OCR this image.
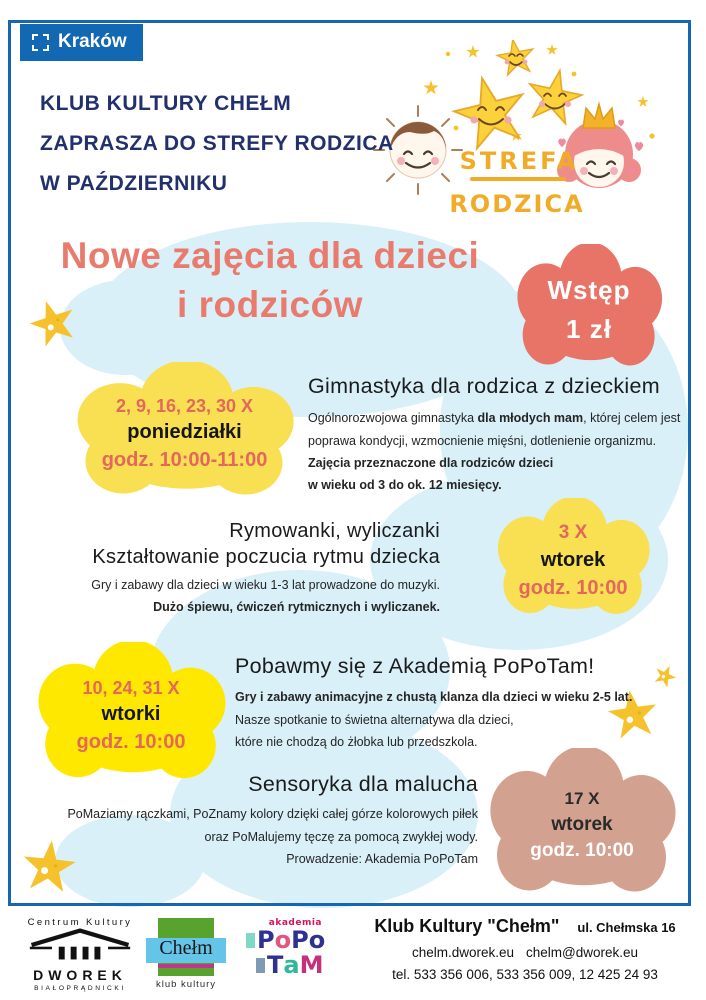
Kraków
KLUB KULTURY CHEŁM
ZAPRASZA DO STREFY RODZICA
W PAŹDZIERNIKU
STREFA
RODZICA
Nowe zajęcia dla dzieci
i rodziców	Wstęp
1 zł
2, 9, 16, 23, 30 X
poniedziałki
godz. 10:00-11:00
Gimnastyka dla rodzica z dzieckiem
Ogólnorozwojowa gimnastyka dla młodych mam, której celem jest
poprawa kondycji, wzmocnienie mięśni, dotlenienie organizmu.
Zajęcia przeznaczone dla rodziców dzieci
w wieku od 3 do ok. 12 miesięcy.
Rymowanki, wyliczanki
Kształtowanie poczucia rytmu dziecka
Gry i zabawy dla dzieci w wieku 1-3 lat prowadzone do muzyki.
Dużo śpiewu, ćwiczeń rytmicznych i wyliczanek.
3 X
wtorek
godz. 10:00
10, 24, 31 X
wtorki
godz. 10:00
Pobawmy się z Akademią PoPoTam!
Gry i zabawy animacyjne z chustą klanza dla dzieci w wieku 2-5 lat.
Nasze spotkanie to świetna alternatywa dla dzieci,
które nie chodzą do żłobka lub przedszkola.
Sensoryka dla malucha
PoMaziamy rączkami, PoZnamy kolory dzięki całej górze kolorowych piłek
oraz PoMalujemy tęczę za pomocą zwykłej wody.
Prowadzenie: Akademia PoPoTam
17 X
wtorek
godz. 10:00
Centrum Kultury
DWOREK
BIAŁOPRĄDNICKI
Chełm
klub kultury
akademia
P o P o
T a M
Klub Kultury "Chełm" ul. Chełmska 16
chelm.dworek.eu chelm@dworek.eu
tel. 533 356 006, 533 356 009, 12 425 24 93
